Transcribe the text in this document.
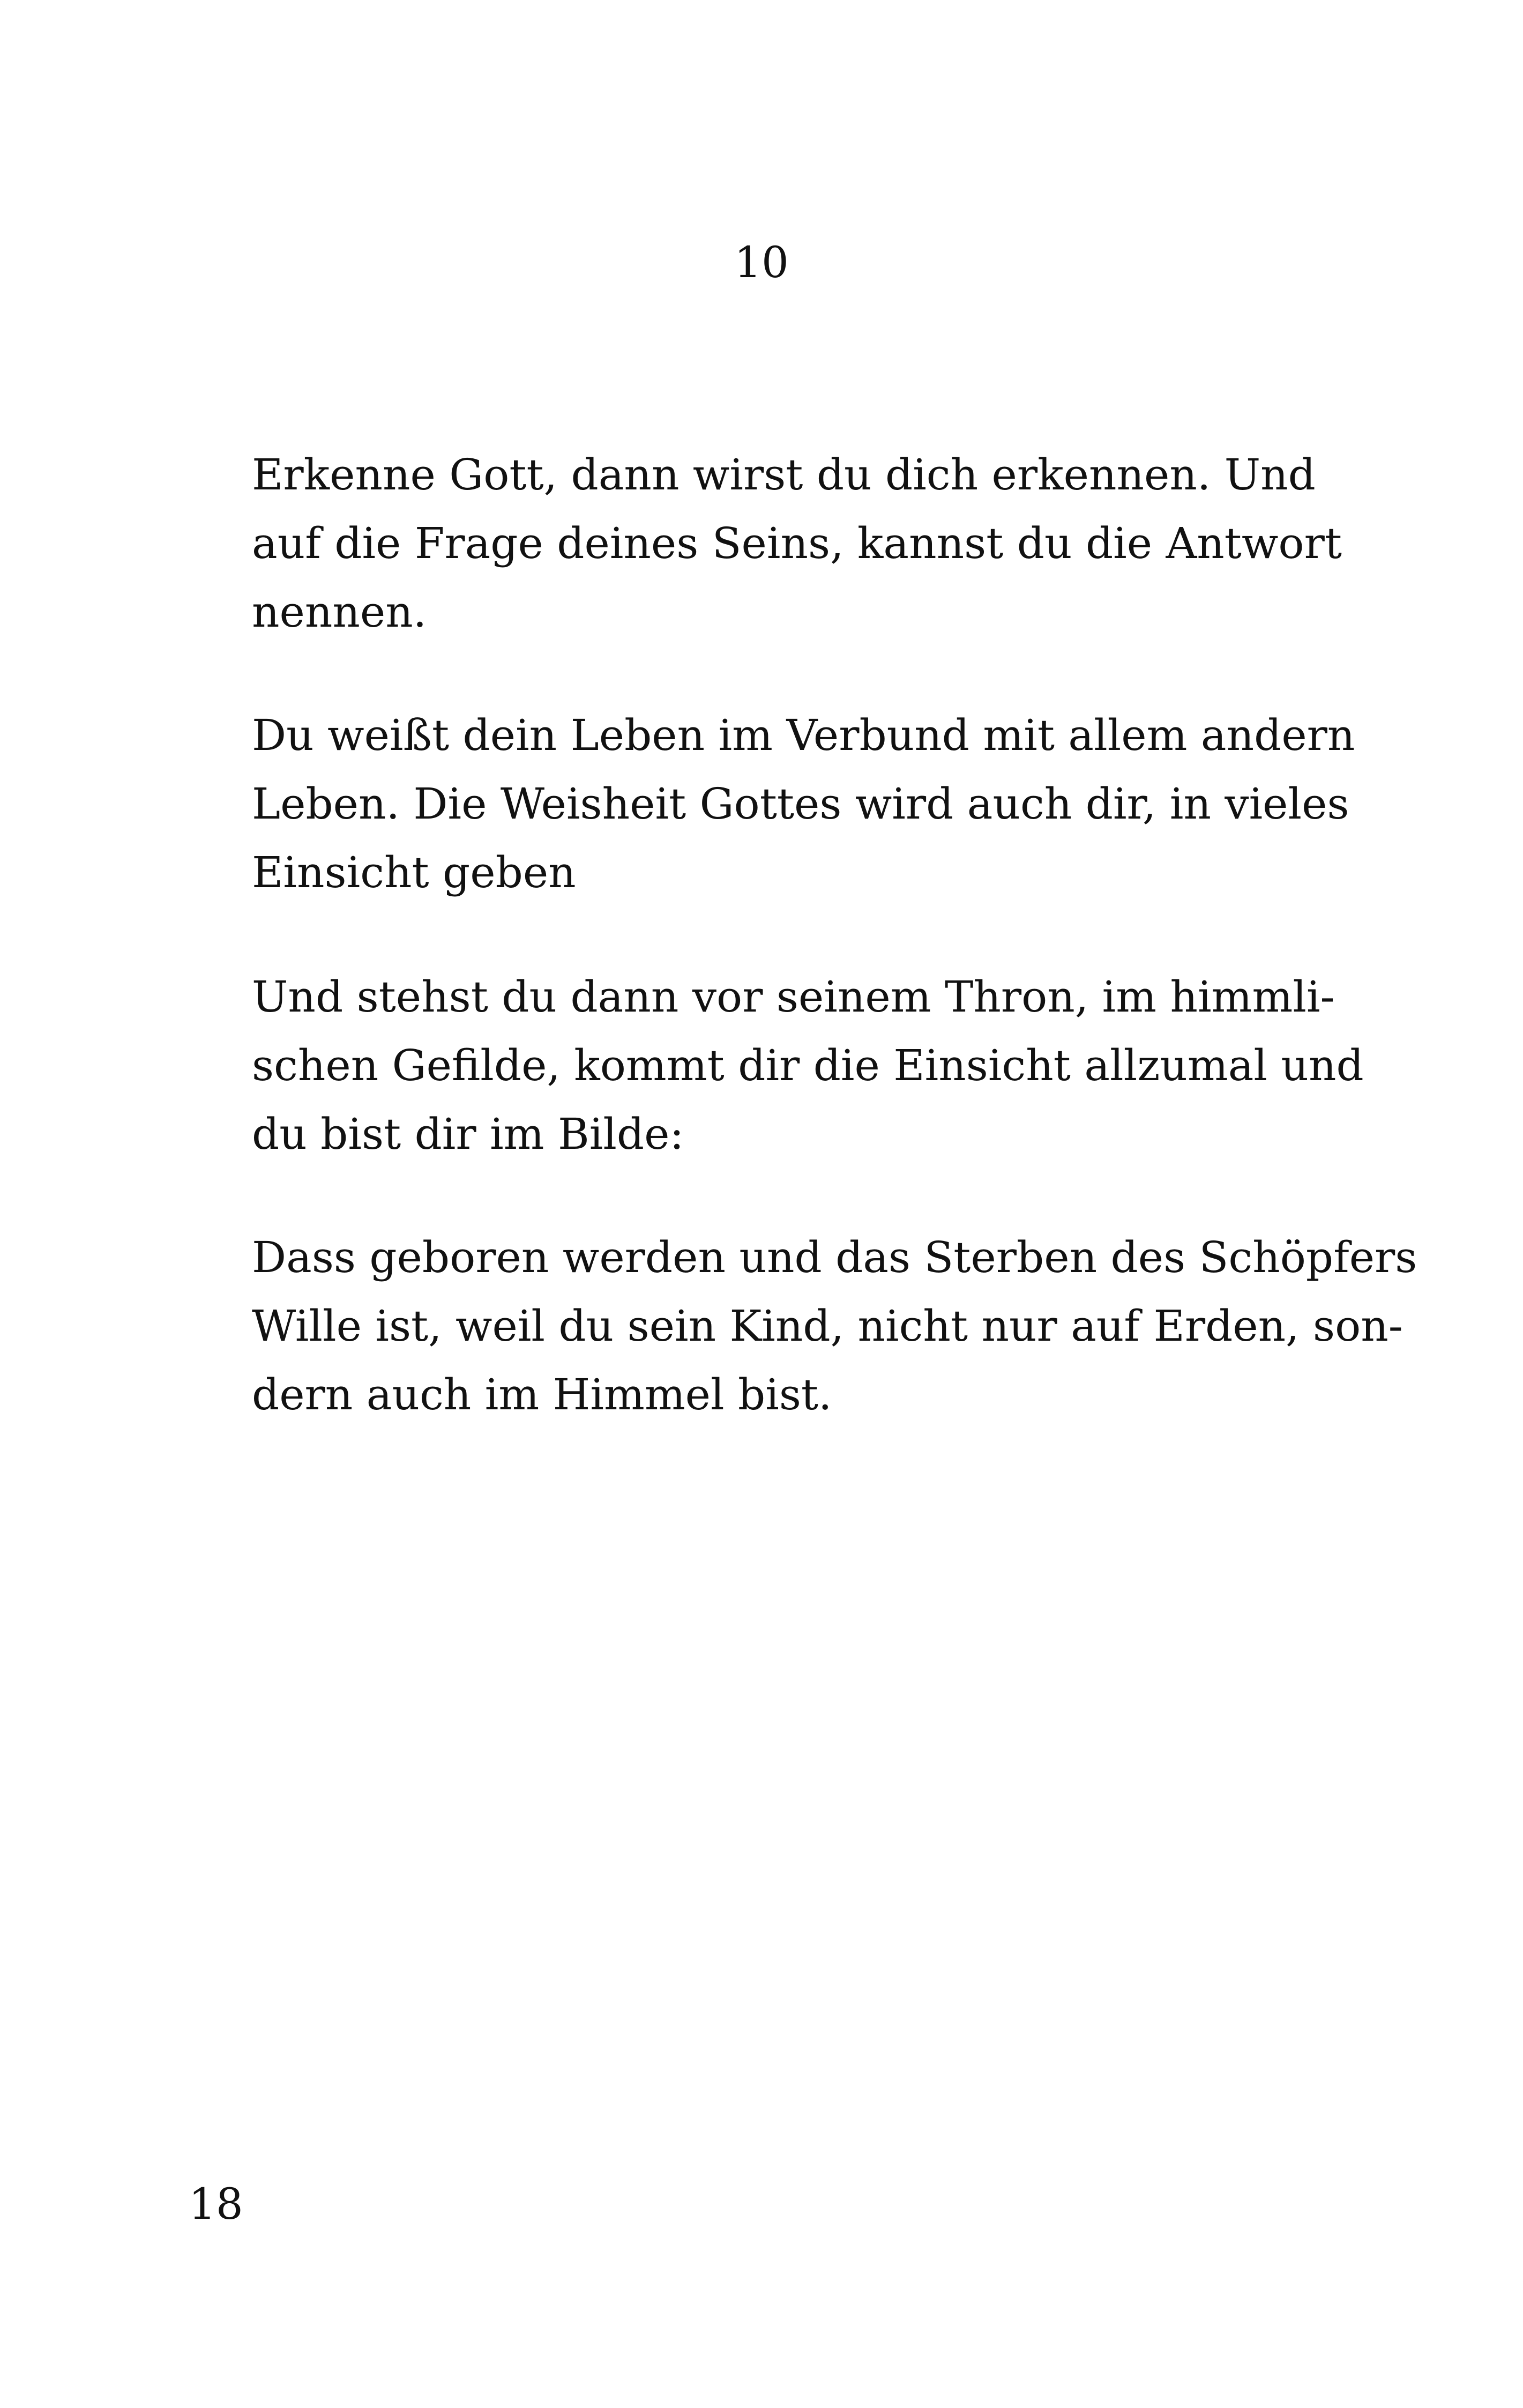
10
Erkenne Gott, dann wirst du dich erkennen. Und
auf die Frage deines Seins, kannst du die Antwort
nennen.
Du weißt dein Leben im Verbund mit allem andern
Leben. Die Weisheit Gottes wird auch dir, in vieles
Einsicht geben
Und stehst du dann vor seinem Thron, im himmli-
schen Gefilde, kommt dir die Einsicht allzumal und
du bist dir im Bilde:
Dass geboren werden und das Sterben des Schöpfers
Wille ist, weil du sein Kind, nicht nur auf Erden, son-
dern auch im Himmel bist.
18
